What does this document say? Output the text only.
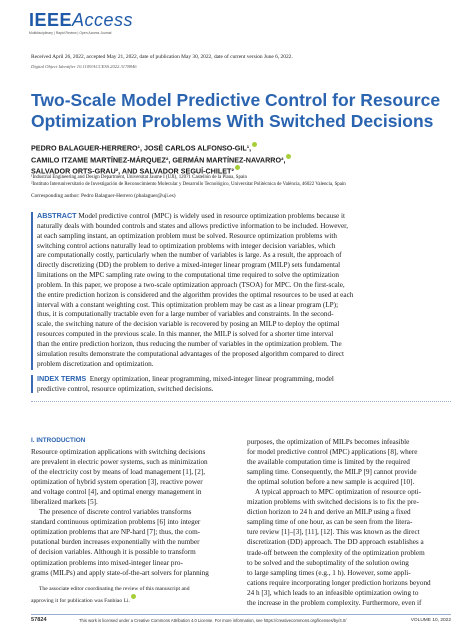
IEEEAccess
Multidisciplinary | Rapid Review | Open Access Journal
Received April 26, 2022, accepted May 21, 2022, date of publication May 30, 2022, date of current version June 6, 2022.
Digital Object Identifier 10.1109/ACCESS.2022.3178846
Two-Scale Model Predictive Control for Resource
Optimization Problems With Switched Decisions
PEDRO BALAGUER-HERRERO¹, JOSÉ CARLOS ALFONSO-GIL¹,
CAMILO ITZAME MARTÍNEZ-MÁRQUEZ², GERMÁN MARTÍNEZ-NAVARRO²,
SALVADOR ORTS-GRAU², AND SALVADOR SEGUÍ-CHILET²
¹Industrial Engineering and Design Department, Universitat Jaume I (UJI), 12071 Castellón de la Plana, Spain
²Instituto Interuniversitario de Investigación de Reconocimiento Molecular y Desarrollo Tecnológico, Universitat Politècnica de València, 46022 Valencia, Spain
Corresponding author: Pedro Balaguer-Herrero (pbalaguer@uji.es)
ABSTRACT Model predictive control (MPC) is widely used in resource optimization problems because it
naturally deals with bounded controls and states and allows predictive information to be included. However,
at each sampling instant, an optimization problem must be solved. Resource optimization problems with
switching control actions naturally lead to optimization problems with integer decision variables, which
are computationally costly, particularly when the number of variables is large. As a result, the approach of
directly discretizing (DD) the problem to derive a mixed-integer linear program (MILP) sets fundamental
limitations on the MPC sampling rate owing to the computational time required to solve the optimization
problem. In this paper, we propose a two-scale optimization approach (TSOA) for MPC. On the first-scale,
the entire prediction horizon is considered and the algorithm provides the optimal resources to be used at each
interval with a constant weighting cost. This optimization problem may be cast as a linear program (LP);
thus, it is computationally tractable even for a large number of variables and constraints. In the second-
scale, the switching nature of the decision variable is recovered by posing an MILP to deploy the optimal
resources computed in the previous scale. In this manner, the MILP is solved for a shorter time interval
than the entire prediction horizon, thus reducing the number of variables in the optimization problem. The
simulation results demonstrate the computational advantages of the proposed algorithm compared to direct
problem discretization and optimization.
INDEX TERMS Energy optimization, linear programming, mixed-integer linear programming, model
predictive control, resource optimization, switched decisions.
I. INTRODUCTION
Resource optimization applications with switching decisions
are prevalent in electric power systems, such as minimization
of the electricity cost by means of load management [1], [2],
optimization of hybrid system operation [3], reactive power
and voltage control [4], and optimal energy management in
liberalized markets [5].
The presence of discrete control variables transforms
standard continuous optimization problems [6] into integer
optimization problems that are NP-hard [7]; thus, the com-
putational burden increases exponentially with the number
of decision variables. Although it is possible to transform
optimization problems into mixed-integer linear pro-
grams (MILPs) and apply state-of-the-art solvers for planning
The associate editor coordinating the review of this manuscript and
approving it for publication was Fanbiao Li.
purposes, the optimization of MILPs becomes infeasible
for model predictive control (MPC) applications [8], where
the available computation time is limited by the required
sampling time. Consequently, the MILP [9] cannot provide
the optimal solution before a new sample is acquired [10].
A typical approach to MPC optimization of resource opti-
mization problems with switched decisions is to fix the pre-
diction horizon to 24 h and derive an MILP using a fixed
sampling time of one hour, as can be seen from the litera-
ture review [1]–[3], [11], [12]. This was known as the direct
discretization (DD) approach. The DD approach establishes a
trade-off between the complexity of the optimization problem
to be solved and the suboptimality of the solution owing
to large sampling times (e.g., 1 h). However, some appli-
cations require incorporating longer prediction horizons beyond
24 h [3], which leads to an infeasible optimization owing to
the increase in the problem complexity. Furthermore, even if
57824	This work is licensed under a Creative Commons Attribution 4.0 License. For more information, see https://creativecommons.org/licenses/by/4.0/	VOLUME 10, 2022
